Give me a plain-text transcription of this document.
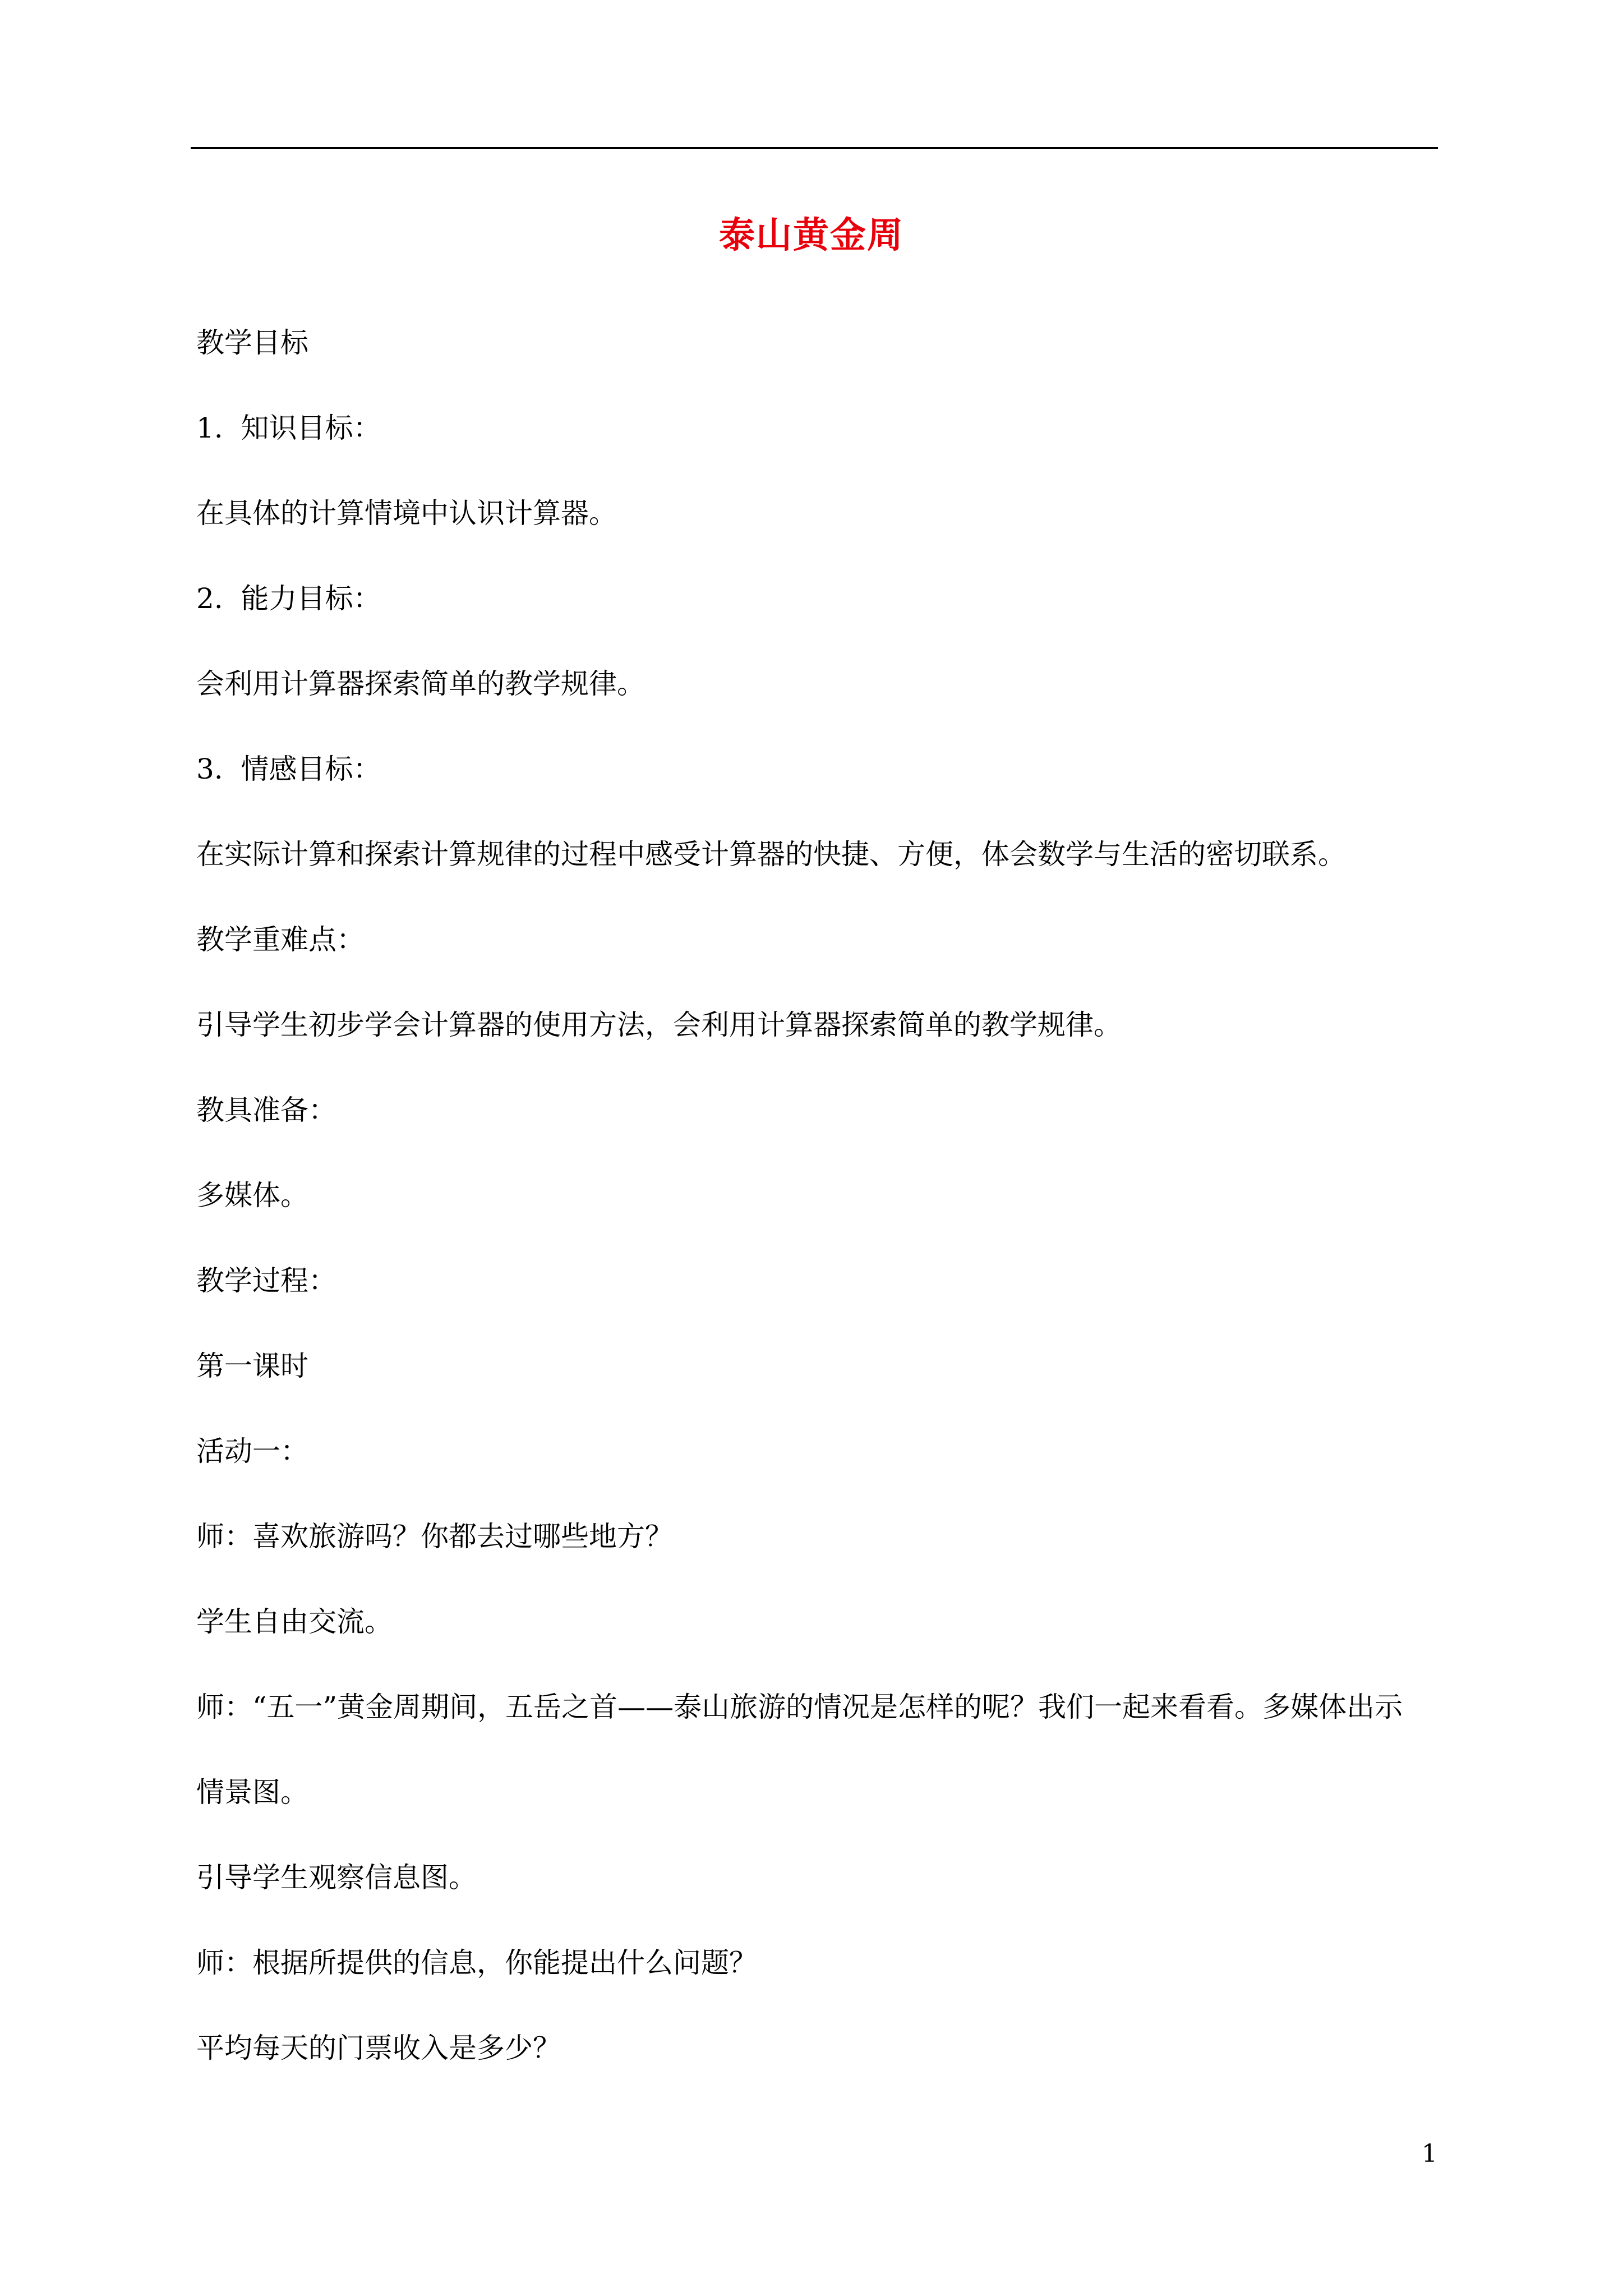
泰山黄金周

教学目标

1.  知识目标：

在具体的计算情境中认识计算器。

2.  能力目标：

会利用计算器探索简单的教学规律。

3.  情感目标：

在实际计算和探索计算规律的过程中感受计算器的快捷、方便，体会数学与生活的密切联系。

教学重难点：

引导学生初步学会计算器的使用方法，会利用计算器探索简单的教学规律。

教具准备：

多媒体。

教学过程：

第一课时

活动一：

师：喜欢旅游吗？你都去过哪些地方？

学生自由交流。

师：“五一”黄金周期间，五岳之首——泰山旅游的情况是怎样的呢？我们一起来看看。多媒体出示

情景图。

引导学生观察信息图。

师：根据所提供的信息，你能提出什么问题？

平均每天的门票收入是多少？

1
